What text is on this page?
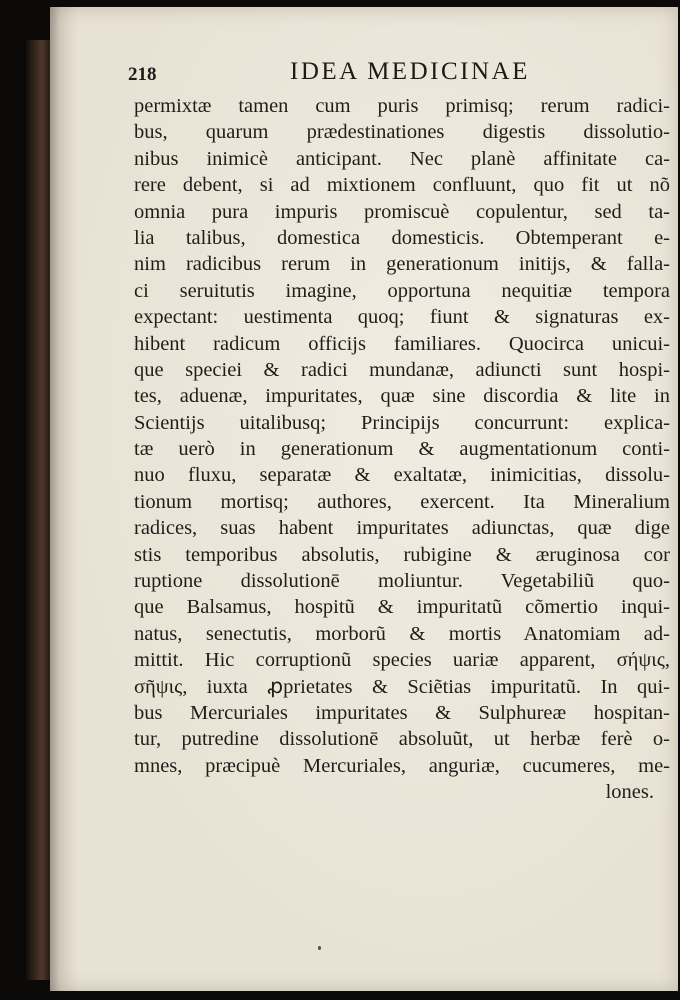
218	IDEA MEDICINAE
permixtæ tamen cum puris primisq; rerum radici-
bus, quarum prædestinationes digestis dissolutio-
nibus inimicè anticipant. Nec planè affinitate ca-
rere debent, si ad mixtionem confluunt, quo fit ut nõ
omnia pura impuris promiscuè copulentur, sed ta-
lia talibus, domestica domesticis. Obtemperant e-
nim radicibus rerum in generationum initijs, & falla-
ci seruitutis imagine, opportuna nequitiæ tempora
expectant: uestimenta quoq; fiunt & signaturas ex-
hibent radicum officijs familiares. Quocirca unicui-
que speciei & radici mundanæ, adiuncti sunt hospi-
tes, aduenæ, impuritates, quæ sine discordia & lite in
Scientijs uitalibusq; Principijs concurrunt: explica-
tæ uerò in generationum & augmentationum conti-
nuo fluxu, separatæ & exaltatæ, inimicitias, dissolu-
tionum mortisq; authores, exercent. Ita Mineralium
radices, suas habent impuritates adiunctas, quæ dige
stis temporibus absolutis, rubigine & æruginosa cor
ruptione dissolutionē moliuntur. Vegetabiliũ quo-
que Balsamus, hospitũ & impuritatũ cõmertio inqui-
natus, senectutis, morborũ & mortis Anatomiam ad-
mittit. Hic corruptionũ species uariæ apparent, σήψις,
σῆψις, iuxta ꝓprietates & Sciẽtias impuritatũ. In qui-
bus Mercuriales impuritates & Sulphureæ hospitan-
tur, putredine dissolutionē absoluũt, ut herbæ ferè o-
mnes, præcipuè Mercuriales, anguriæ, cucumeres, me-
lones.
